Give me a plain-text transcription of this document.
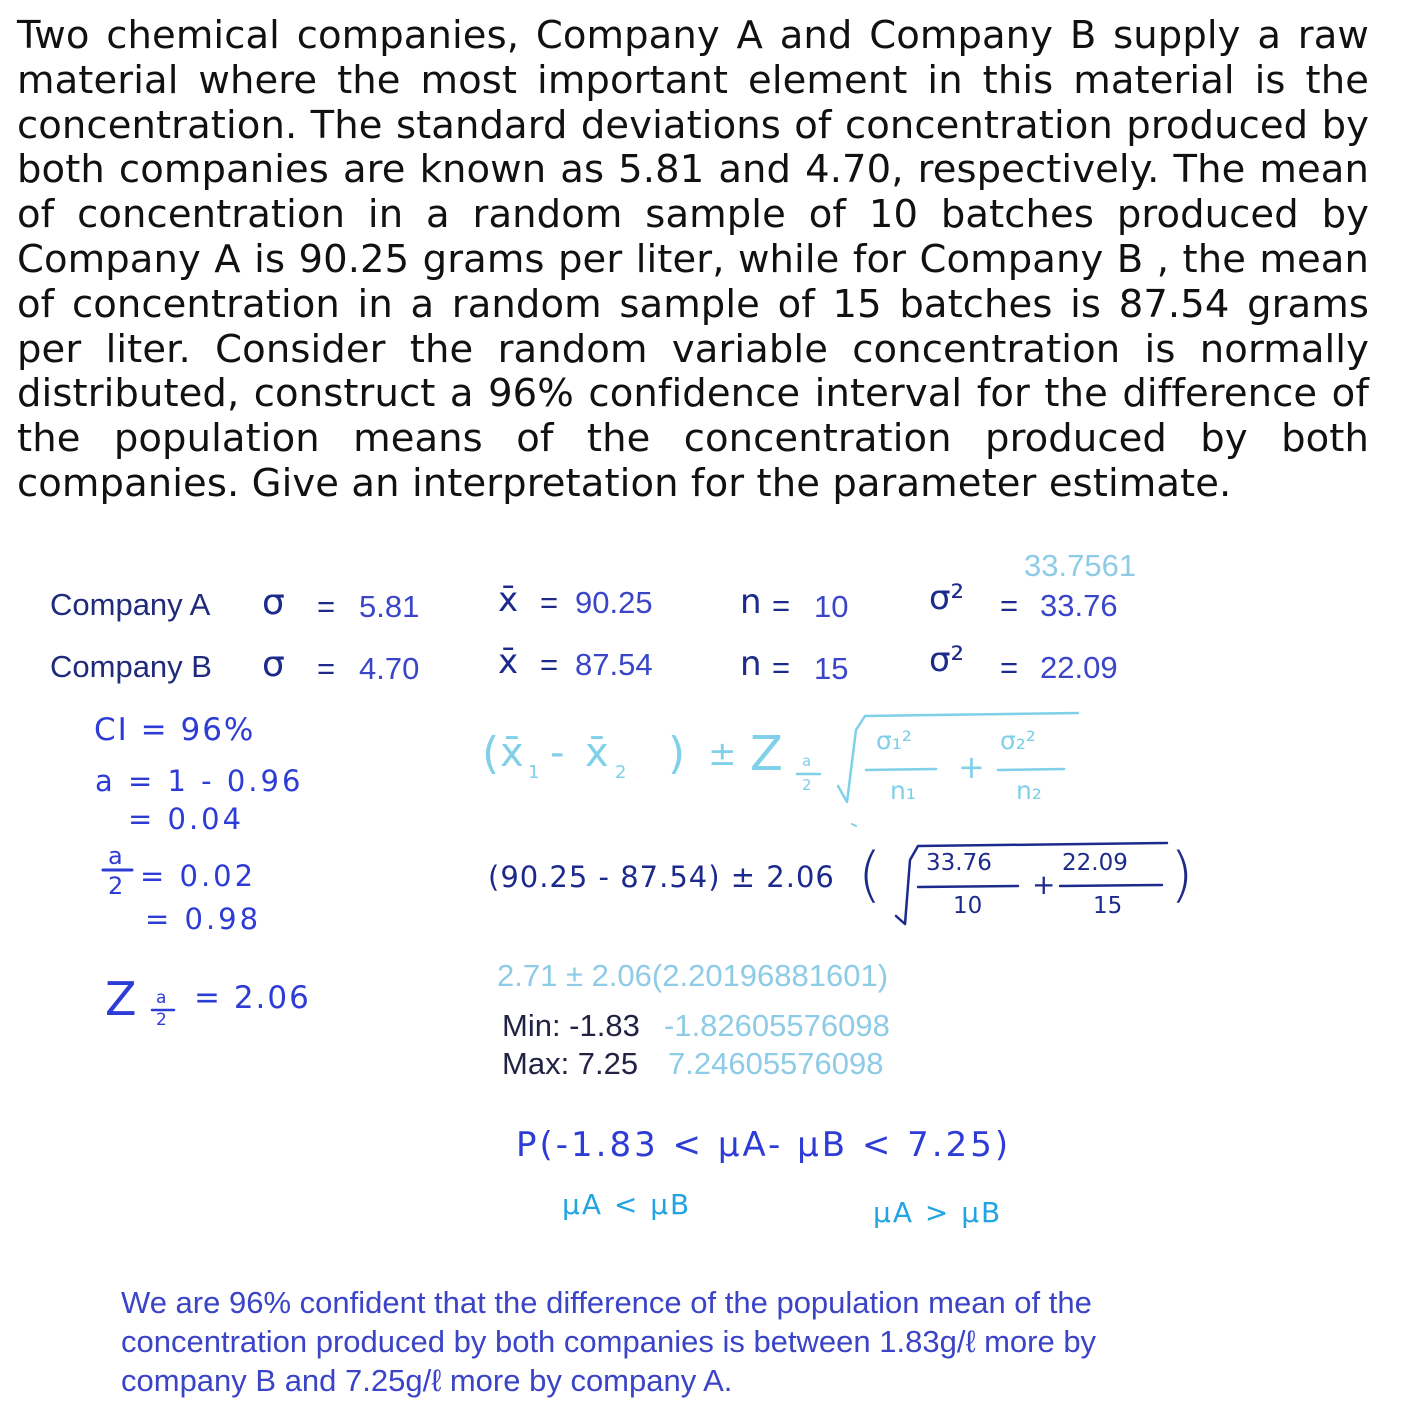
Two chemical companies, Company A and Company B supply a raw material where the most important element in this material is the concentration. The standard deviations of concentration produced by both companies are known as 5.81 and 4.70, respectively. The mean of concentration in a random sample of 10 batches produced by Company A is 90.25 grams per liter, while for Company B , the mean of concentration in a random sample of 15 batches is 87.54 grams per liter. Consider the random variable concentration is normally distributed, construct a 96% confidence interval for the difference of the population means of the concentration produced by both companies. Give an interpretation for the parameter estimate.
33.7561
Company A σ = 5.81 x̄ = 90.25	n = 10 σ² = 33.76
Company B σ = 4.70 x̄ = 87.54	n = 15 σ² = 22.09
CI = 96%
a = 1 - 0.96
= 0.04
a
2 = 0.02
= 0.98
Z a
2
= 2.06
( x̄ 1 - x̄ 2 ) ± Z a
2
σ₁²
n₁
+
σ₂²
n₂
(90.25 - 87.54) ± 2.06 ( 33.76
10
+
22.09
15 )
2.71 ± 2.06(2.20196881601)
Min: -1.83 -1.82605576098
Max: 7.25 7.24605576098
P(-1.83 < μA- μB < 7.25)
μA < μB	μA > μB
We are 96% confident that the difference of the population mean of the concentration produced by both companies is between 1.83g/ℓ more by company B and 7.25g/ℓ more by company A.
